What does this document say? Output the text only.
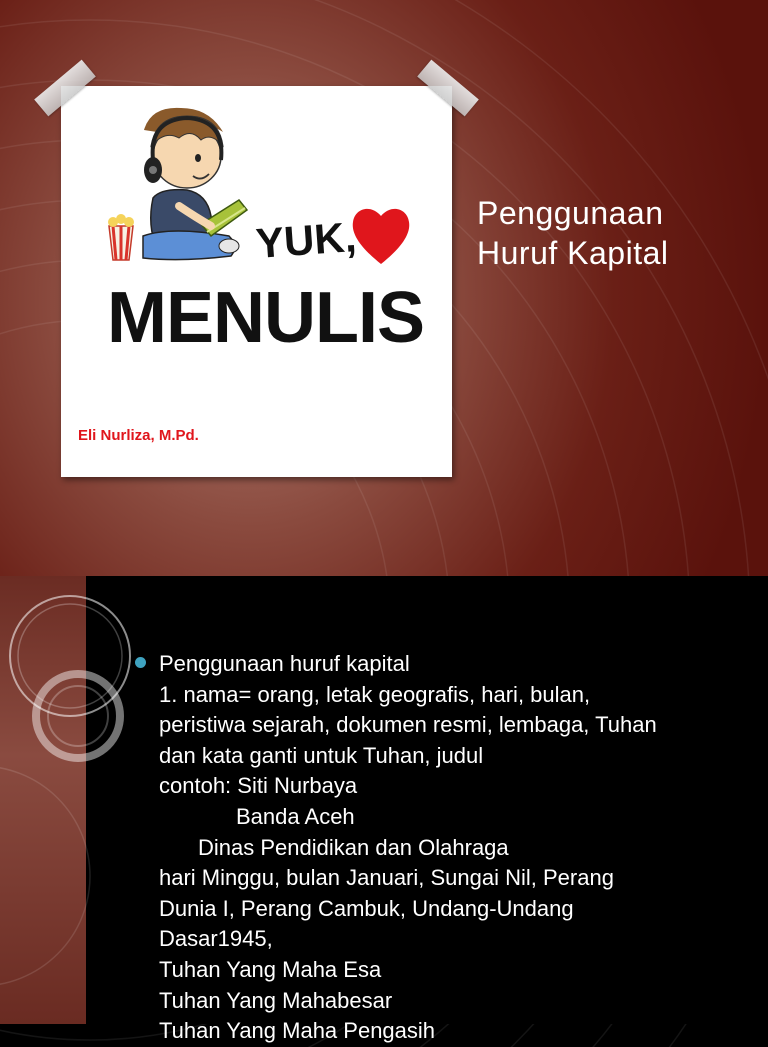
YUK,
MENULIS
Eli Nurliza, M.Pd.
Penggunaan
Huruf Kapital
Penggunaan huruf kapital
1. nama= orang, letak geografis, hari, bulan,
peristiwa sejarah, dokumen resmi, lembaga, Tuhan
dan kata ganti untuk Tuhan, judul
contoh: Siti Nurbaya
Banda Aceh
Dinas Pendidikan dan Olahraga
hari Minggu, bulan Januari, Sungai Nil, Perang
Dunia I, Perang Cambuk, Undang-Undang
Dasar1945,
Tuhan Yang Maha Esa
Tuhan Yang Mahabesar
Tuhan Yang Maha Pengasih
